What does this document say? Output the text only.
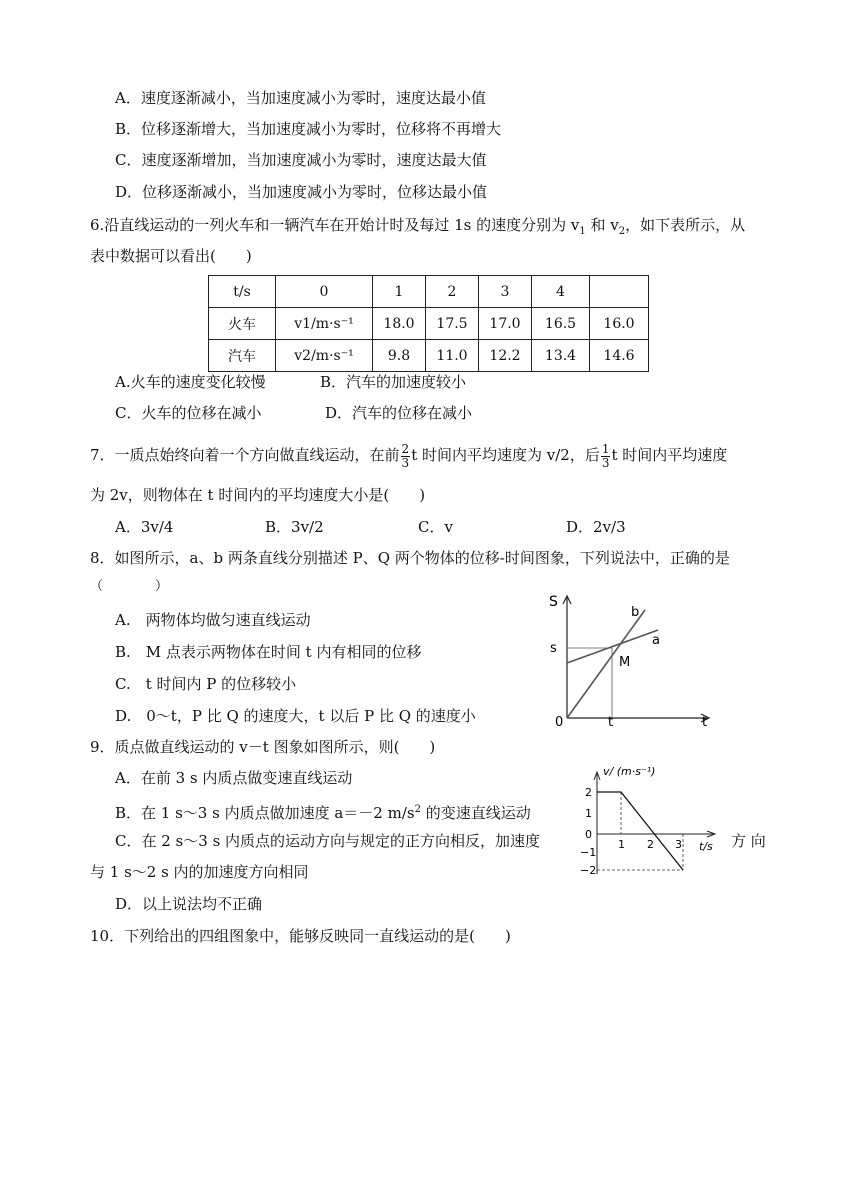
A．速度逐渐减小，当加速度减小为零时，速度达最小值
B．位移逐渐增大，当加速度减小为零时，位移将不再增大
C．速度逐渐增加，当加速度减小为零时，速度达最大值
D．位移逐渐减小，当加速度减小为零时，位移达最小值
6.沿直线运动的一列火车和一辆汽车在开始计时及每过 1s 的速度分别为 $v_1$ 和 $v_2$，如下表所示，从
表中数据可以看出(　　)
t/s	0	1	2	3	4	
火车	v1/m·s⁻¹	18.0	17.5	17.0	16.5	16.0
汽车	v2/m·s⁻¹	9.8	11.0	12.2	13.4	14.6
A.火车的速度变化较慢	B．汽车的加速度较小
C．火车的位移在减小	D．汽车的位移在减小
7．一质点始终向着一个方向做直线运动，在前 $\frac{2}{3}$ t 时间内平均速度为 v/2，后 $\frac{1}{3}$ t 时间内平均速度
为 2v，则物体在 t 时间内的平均速度大小是(　　)
A．3v/4	B．3v/2	C．v	D．2v/3
8．如图所示，a、b 两条直线分别描述 P、Q 两个物体的位移-时间图象，下列说法中，正确的是
（　　　　）
A.　两物体均做匀速直线运动
B.　M 点表示两物体在时间 t 内有相同的位移
C.　t 时间内 P 的位移较小
D.　0～t，P 比 Q 的速度大，t 以后 P 比 Q 的速度小
S
t
0
s
t
a
b
M
9．质点做直线运动的 v－t 图象如图所示，则(　　)
A．在前 3 s 内质点做变速直线运动
B．在 1 s～3 s 内质点做加速度 a＝－2 $m/s^2$ 的变速直线运动
C．在 2 s～3 s 内质点的运动方向与规定的正方向相反，加速度	方 向
与 1 s～2 s 内的加速度方向相同
D．以上说法均不正确
v/ (m·s⁻¹)
t/s
2
1
0
−1
−2
1 2 3
10．下列给出的四组图象中，能够反映同一直线运动的是(　　)
